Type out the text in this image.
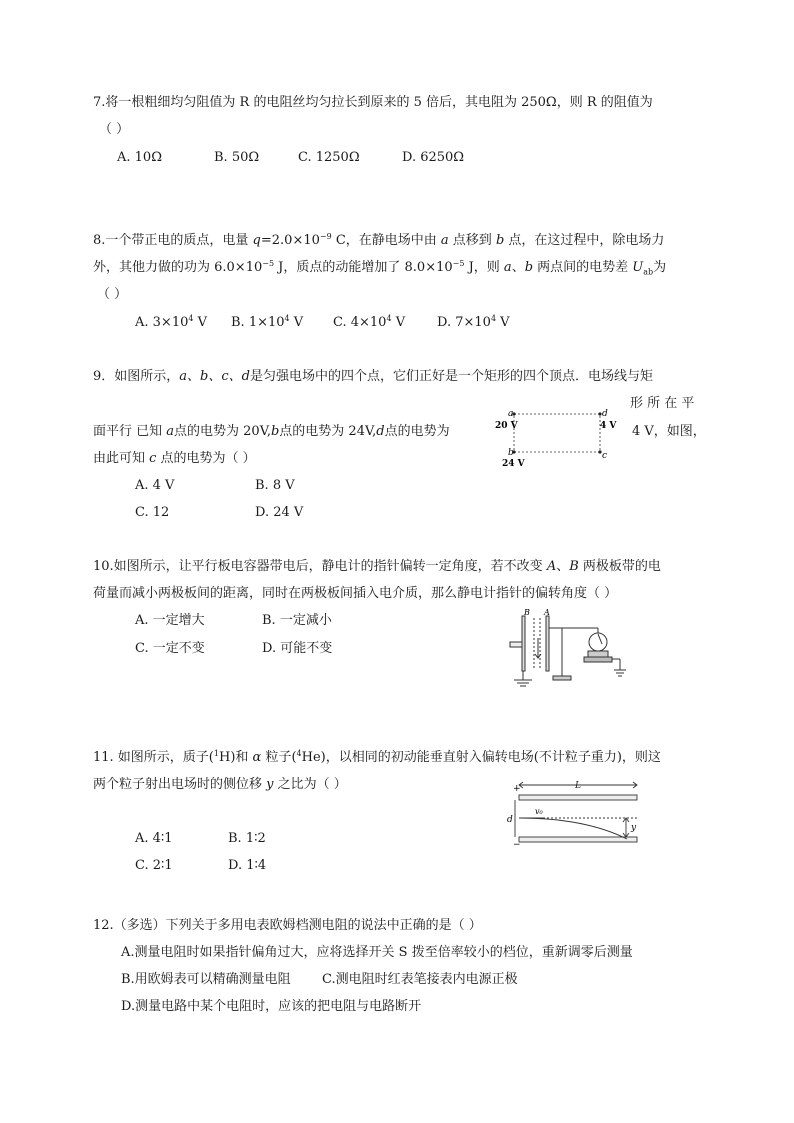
7.将一根粗细均匀阻值为 R 的电阻丝均匀拉长到原来的 5 倍后，其电阻为 250Ω，则 R 的阻值为
（ ）
A. 10Ω	B. 50Ω	C. 1250Ω	D. 6250Ω
8.一个带正电的质点，电量 $q=2.0\times 10^{-9}$ C，在静电场中由 a 点移到 b 点，在这过程中，除电场力
外，其他力做的功为 $6.0\times 10^{-5}$ J，质点的动能增加了 $8.0\times 10^{-5}$ J，则 a、b 两点间的电势差 $U_{ab}$为
（ ）
A. $3\times 10^4$ V B. $1\times 10^4$ V C. $4\times 10^4$ V D. $7\times 10^4$ V
9．如图所示，a、b、c、d是匀强电场中的四个点，它们正好是一个矩形的四个顶点．电场线与矩
形 所 在 平
面平行 已知 a点的电势为 20V,b点的电势为 24V,d点的电势为	4 V，如图，
由此可知 c 点的电势为（ ）
A. 4 V	B. 8 V
C. 12	D. 24 V
a	d
b	c
20 V	4 V
24 V
10.如图所示，让平行板电容器带电后，静电计的指针偏转一定角度，若不改变 A、B 两极板带的电
荷量而减小两极板间的距离，同时在两极板间插入电介质，那么静电计指针的偏转角度（ ）
A. 一定增大	B. 一定减小
C. 一定不变	D. 可能不变
B A
11. 如图所示，质子($^1$H)和 α 粒子($^4$He)，以相同的初动能垂直射入偏转电场(不计粒子重力)，则这
两个粒子射出电场时的侧位移 y 之比为（ ）
A. 4∶1	B. 1∶2
C. 2∶1	D. 1∶4
+
−
L
d
v₀
y
12.（多选）下列关于多用电表欧姆档测电阻的说法中正确的是（ ）
A.测量电阻时如果指针偏角过大，应将选择开关 S 拨至倍率较小的档位，重新调零后测量
B.用欧姆表可以精确测量电阻 C.测电阻时红表笔接表内电源正极
D.测量电路中某个电阻时，应该的把电阻与电路断开
